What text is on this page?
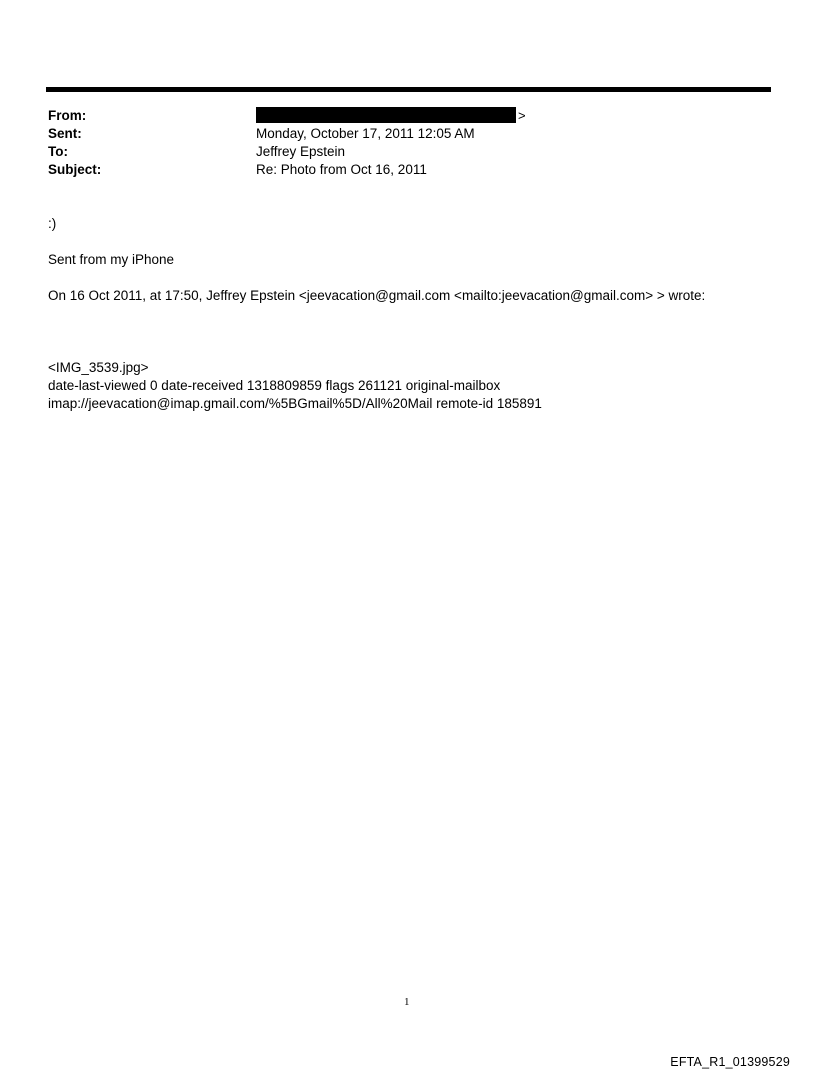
From:	>
Sent:	Monday, October 17, 2011 12:05 AM
To:	Jeffrey Epstein
Subject:	Re: Photo from Oct 16, 2011
:)
Sent from my iPhone
On 16 Oct 2011, at 17:50, Jeffrey Epstein <jeevacation@gmail.com <mailto:jeevacation@gmail.com> > wrote:
<IMG_3539.jpg>
date-last-viewed 0 date-received 1318809859 flags 261121 original-mailbox
imap://jeevacation@imap.gmail.com/%5BGmail%5D/All%20Mail remote-id 185891
1
EFTA_R1_01399529
